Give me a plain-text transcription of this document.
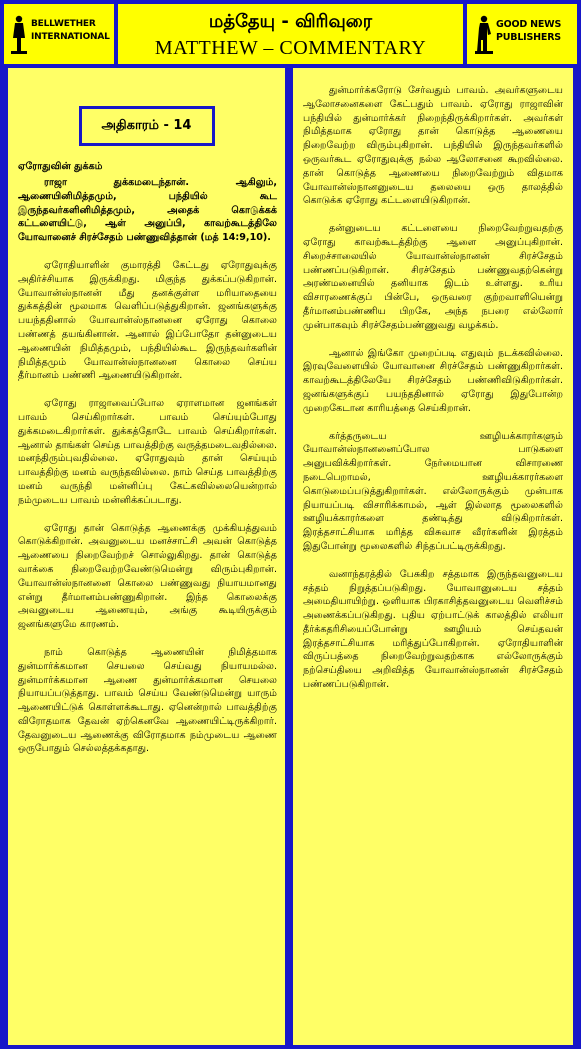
BELLWETHER INTERNATIONAL
மத்தேயு - விரிவுரை
MATTHEW – COMMENTARY
GOOD NEWS PUBLISHERS
அதிகாரம் - 14
ஏரோதுவின் துக்கம்
ராஜா துக்கமடைந்தான். ஆகிலும், ஆணையினிமித்தமும், பந்தியில் கூட இருந்தவர்களினிமித்தமும், அதைக் கொடுக்கக் கட்டளையிட்டு, ஆள் அனுப்பி, காவற்கூடத்திலே யோவானைச் சிரச்சேதம் பண்ணுவித்தான் (மத் 14:9,10).

ஏரோதியாளின் குமாரத்தி கேட்டது ஏரோதுவுக்கு அதிர்ச்சியாக இருக்கிறது. மிகுந்த துக்கப்படுகிறான். யோவான்ஸ்நானன் மீது தனக்குள்ள மரியாதையை துக்கத்தின் மூலமாக வெளிப்படுத்துகிறான். ஜனங்களுக்கு பயந்ததினால் யோவான்ஸ்நானனை ஏரோது கொலை பண்ணத் தயங்கினான். ஆனால் இப்போதோ தன்னுடைய ஆணையின் நிமித்தமும், பந்தியில்கூட இருந்தவர்களின் நிமித்தமும் யோவான்ஸ்நானனை கொலை செய்ய தீர்மானம் பண்ணி ஆணையிடுகிறான்.

ஏரோது ராஜாவைப்போல ஏராளமான ஜனங்கள் பாவம் செய்கிறார்கள். பாவம் செய்யும்போது துக்கமடைகிறார்கள். துக்கத்தோடே பாவம் செய்கிறார்கள். ஆனால் தாங்கள் செய்த பாவத்திற்கு வருத்தமடைவதில்லை. மனந்திரும்புவதில்லை. ஏரோதுவும் தான் செய்யும் பாவத்திற்கு மனம் வருந்தவில்லை. நாம் செய்த பாவத்திற்கு மனம் வருந்தி மன்னிப்பு கேட்கவில்லையென்றால் நம்முடைய பாவம் மன்னிக்கப்படாது.

ஏரோது தான் கொடுத்த ஆணைக்கு முக்கியத்துவம் கொடுக்கிறான். அவனுடைய மனச்சாட்சி அவன் கொடுத்த ஆணையை நிறைவேற்றச் சொல்லுகிறது. தான் கொடுத்த வாக்கை நிறைவேற்றவேண்டுமென்று விரும்புகிறான். யோவான்ஸ்நானனை கொலை பண்ணுவது நியாயமானது என்று தீர்மானம்பண்ணுகிறான். இந்த கொலைக்கு அவனுடைய ஆணையும், அங்கு கூடியிருக்கும் ஜனங்களுமே காரணம்.

நாம் கொடுத்த ஆணையின் நிமித்தமாக துன்மார்க்கமான செயலை செய்வது நியாயமல்ல. துன்மார்க்கமான ஆணை துன்மார்க்கமான செயலை நியாயப்படுத்தாது. பாவம் செய்ய வேண்டுமென்று யாரும் ஆணையிட்டுக் கொள்ளக்கூடாது. ஏனென்றால் பாவத்திற்கு விரோதமாக தேவன் ஏற்கெனவே ஆணையிட்டிருக்கிறார். தேவனுடைய ஆணைக்கு விரோதமாக நம்முடைய ஆணை ஒருபோதும் செல்லத்தக்கதாது.

துன்மார்க்கரோடு சேர்வதும் பாவம். அவர்களுடைய ஆலோசனைகளை கேட்பதும் பாவம். ஏரோது ராஜாவின் பந்தியில் துன்மார்க்கர் நிறைந்திருக்கிறார்கள். அவர்கள் நிமித்தமாக ஏரோது தான் கொடுத்த ஆணையை நிறைவேற்ற விரும்புகிறான். பந்தியில் இருந்தவர்களில் ஒருவர்கூட ஏரோதுவுக்கு நல்ல ஆலோசனை கூறவில்லை. தான் கொடுத்த ஆணையை நிறைவேற்றும் விதமாக யோவான்ஸ்நானனுடைய தலையை ஒரு தாலத்தில் கொடுக்க ஏரோது கட்டளையிடுகிறான்.

தன்னுடைய கட்டளையை நிறைவேற்றுவதற்கு ஏரோது காவற்கூடத்திற்கு ஆளை அனுப்புகிறான். சிறைச்சாலையில் யோவான்ஸ்நானன் சிரச்சேதம் பண்ணப்படுகிறான். சிரச்சேதம் பண்ணுவதற்கென்று அரண்மனையில் தனியாக இடம் உள்ளது. உரிய விசாரணைக்குப் பின்பே, ஒருவரை குற்றவாளியென்று தீர்மானம்பண்ணிய பிறகே, அந்த நபரை எல்லோர் முன்பாகவும் சிரச்சேதம்பண்ணுவது வழக்கம்.

ஆனால் இங்கோ முறைப்படி எதுவும் நடக்கவில்லை. இரவுவேளையில் யோவானை சிரச்சேதம் பண்ணுகிறார்கள். காவற்கூடத்திலேயே சிரச்சேதம் பண்ணிவிடுகிறார்கள். ஜனங்களுக்குப் பயந்ததினால் ஏரோது இதுபோன்ற முறைகேடான காரியத்தை செய்கிறான்.

கர்த்தருடைய ஊழியக்காரர்களும் யோவான்ஸ்நானனைப்போல பாடுகளை அனுபவிக்கிறார்கள். நேர்மையான விசாரணை நடைபெறாமல், ஊழியக்காரர்களை கொடுமைப்படுத்துகிறார்கள். எல்லோருக்கும் முன்பாக நியாயப்படி விசாரிக்காமல், ஆள் இல்லாத மூலைகளில் ஊழியக்காரர்களை தண்டித்து விடுகிறார்கள். இரத்தசாட்சியாக மரித்த விசுவாச வீரர்களின் இரத்தம் இதுபோன்று மூலைகளில் சிந்தப்பட்டிருக்கிறது.

வனாந்தரத்தில் பேசுகிற சத்தமாக இருந்தவனுடைய சத்தம் நிறுத்தப்படுகிறது. யோவானுடைய சத்தம் அமைதியாயிற்று. ஒளியாக பிரகாசித்தவனுடைய வெளிச்சம் அணைக்கப்படுகிறது. புதிய ஏற்பாட்டுக் காலத்தில் எலியா தீர்க்கதரிசியைப்போன்று ஊழியம் செய்தவன் இரத்தசாட்சியாக மரித்துப்போகிறான். ஏரோதியாளின் விருப்பத்தை நிறைவேற்றுவதற்காக எல்லோருக்கும் நற்செய்தியை அறிவித்த யோவான்ஸ்நானன் சிரச்சேதம் பண்ணப்படுகிறான்.
